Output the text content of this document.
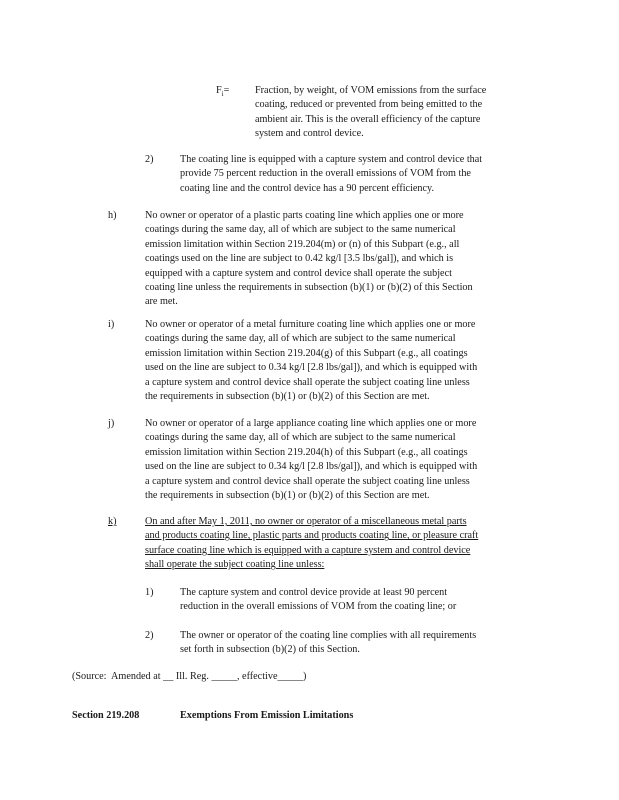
$F_i=$	Fraction, by weight, of VOM emissions from the surface
coating, reduced or prevented from being emitted to the
ambient air. This is the overall efficiency of the capture
system and control device.
2)	The coating line is equipped with a capture system and control device that
provide 75 percent reduction in the overall emissions of VOM from the
coating line and the control device has a 90 percent efficiency.
h)	No owner or operator of a plastic parts coating line which applies one or more
coatings during the same day, all of which are subject to the same numerical
emission limitation within Section 219.204(m) or (n) of this Subpart (e.g., all
coatings used on the line are subject to 0.42 kg/l [3.5 lbs/gal]), and which is
equipped with a capture system and control device shall operate the subject
coating line unless the requirements in subsection (b)(1) or (b)(2) of this Section
are met.
i)	No owner or operator of a metal furniture coating line which applies one or more
coatings during the same day, all of which are subject to the same numerical
emission limitation within Section 219.204(g) of this Subpart (e.g., all coatings
used on the line are subject to 0.34 kg/l [2.8 lbs/gal]), and which is equipped with
a capture system and control device shall operate the subject coating line unless
the requirements in subsection (b)(1) or (b)(2) of this Section are met.
j)	No owner or operator of a large appliance coating line which applies one or more
coatings during the same day, all of which are subject to the same numerical
emission limitation within Section 219.204(h) of this Subpart (e.g., all coatings
used on the line are subject to 0.34 kg/l [2.8 lbs/gal]), and which is equipped with
a capture system and control device shall operate the subject coating line unless
the requirements in subsection (b)(1) or (b)(2) of this Section are met.
k)	On and after May 1, 2011, no owner or operator of a miscellaneous metal parts
and products coating line, plastic parts and products coating line, or pleasure craft
surface coating line which is equipped with a capture system and control device
shall operate the subject coating line unless:
1)	The capture system and control device provide at least 90 percent
reduction in the overall emissions of VOM from the coating line; or
2)	The owner or operator of the coating line complies with all requirements
set forth in subsection (b)(2) of this Section.
(Source:  Amended at __ Ill. Reg. _____, effective_____)
Section 219.208	Exemptions From Emission Limitations
